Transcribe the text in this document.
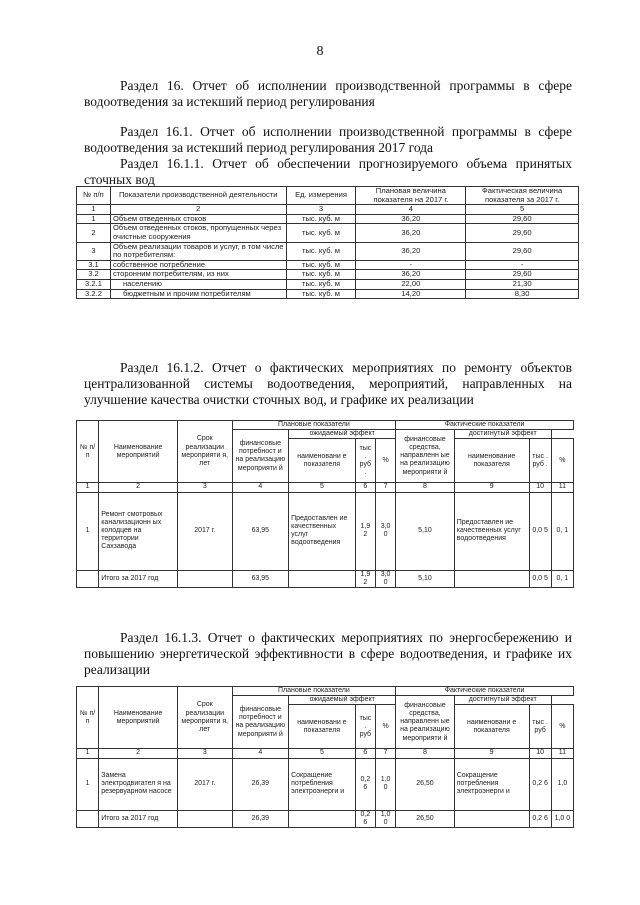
8
Раздел 16. Отчет об исполнении производственной программы в сфере водоотведения за истекший период регулирования
Раздел 16.1. Отчет об исполнении производственной программы в сфере водоотведения за истекший период регулирования 2017 года
Раздел 16.1.1. Отчет об обеспечении прогнозируемого объема принятых сточных вод
№ п/п	Показатели производственной деятельности	Ед. измерения	Плановая величина показателя на 2017 г.	Фактическая величина показателя за 2017 г.
1	2	3	4	5
1	Объем отведенных стоков	тыс. куб. м	36,20	29,60
2	Объем отведенных стоков, пропущенных через очистные сооружения	тыс. куб. м	36,20	29,60
3	Объем реализации товаров и услуг, в том числе по потребителям:	тыс. куб. м	36,20	29,60
3.1	собственное потребление	тыс. куб. м	-	-
3.2	сторонним потребителям, из них	тыс. куб. м	36,20	29,60
3.2.1	населению	тыс. куб. м	22,00	21,30
3.2.2	бюджетным и прочим потребителям	тыс. куб. м	14,20	8,30
Раздел 16.1.2. Отчет о фактических мероприятиях по ремонту объектов централизованной системы водоотведения, мероприятий, направленных на улучшение качества очистки сточных вод, и графике их реализации
№ п/ п	Наименование мероприятий	Срок реализации мероприяти я, лет	Плановые показатели				Фактические показатели			
			финансовые потребност и на реализацию мероприяти й	ожидаемый эффект			финансовые средства, направленн ые на реализацию мероприяти й	достигнутый эффект		
				наименовани е показателя	тыс . руб .	%		наименование показателя	тыс . руб .	%
1	2	3	4	5	6	7	8	9	10	11
1	Ремонт смотровых канализационн ых колодцев на территории Сахзавода	2017 г.	63,95	Предоставлен ие качественных услуг водоотведения	1,9 2	3,0 0	5,10	Предоставлен ие качественных услуг водоотведения	0,0 5	0, 1
	Итого за 2017 год		63,95		1,9 2	3,0 0	5,10		0,0 5	0, 1
Раздел 16.1.3. Отчет о фактических мероприятиях по энергосбережению и повышению энергетической эффективности в сфере водоотведения, и графике их реализации
№ п/ п	Наименование мероприятий	Срок реализации мероприяти я, лет	Плановые показатели				Фактические показатели			
			финансовые потребност и на реализацию мероприяти й	ожидаемый эффект			финансовые средства, направленн ые на реализацию мероприяти й	достигнутый эффект		
				наименовани е показателя	тыс . руб	%		наименовани е показателя	тыс . руб	%
1	2	3	4	5	6	7	8	9	10	11
1	Замена электродвигател я на резервуарном насосе	2017 г.	26,39	Сокращение потребления электроэнерги и	0,2 6	1,0 0	26,50	Сокращение потребления электроэнерги и	0,2 6	1,0
	Итого за 2017 год		26,39		0,2 6	1,0 0	26,50		0,2 6	1,0 0
